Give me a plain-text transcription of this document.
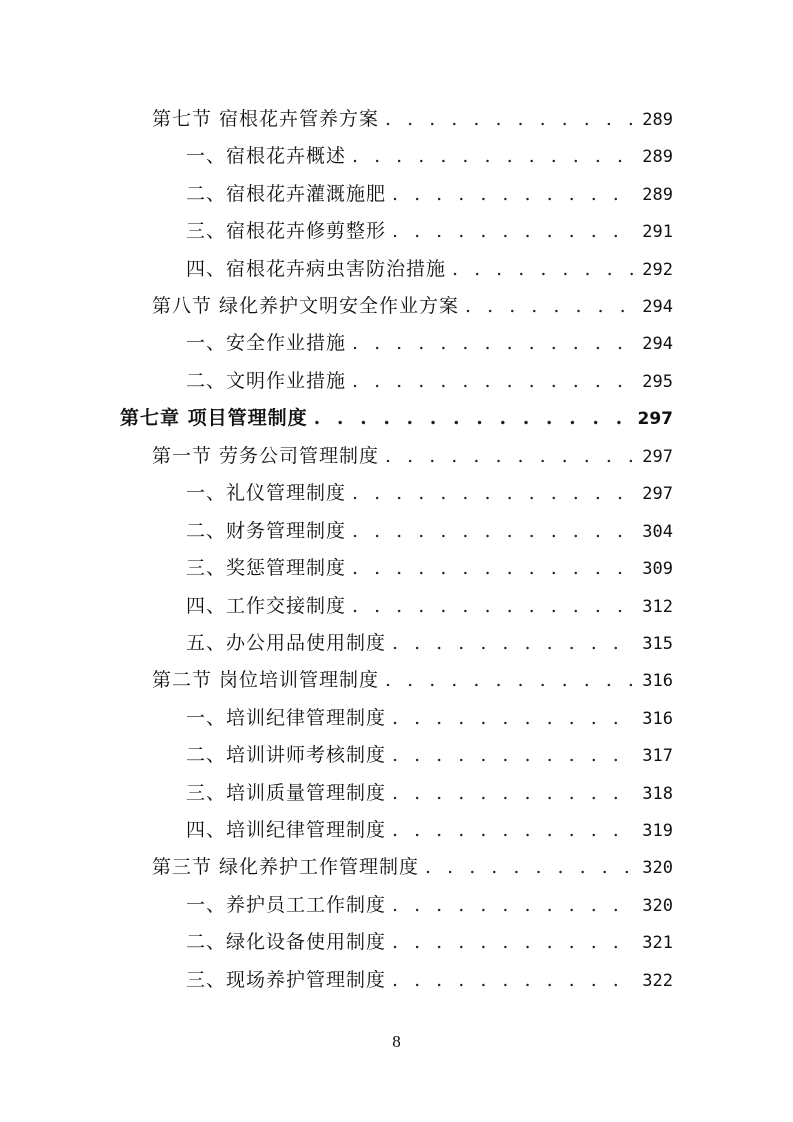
第七节 宿根花卉管养方案 . . .	289
一、宿根花卉概述 . . .	289
二、宿根花卉灌溉施肥 . . .	289
三、宿根花卉修剪整形 . . .	291
四、宿根花卉病虫害防治措施 . . .	292
第八节 绿化养护文明安全作业方案 . . .	294
一、安全作业措施 . . .	294
二、文明作业措施 . . .	295
第七章 项目管理制度 . . .	297
第一节 劳务公司管理制度 . . .	297
一、礼仪管理制度 . . .	297
二、财务管理制度 . . .	304
三、奖惩管理制度 . . .	309
四、工作交接制度 . . .	312
五、办公用品使用制度 . . .	315
第二节 岗位培训管理制度 . . .	316
一、培训纪律管理制度 . . .	316
二、培训讲师考核制度 . . .	317
三、培训质量管理制度 . . .	318
四、培训纪律管理制度 . . .	319
第三节 绿化养护工作管理制度 . . .	320
一、养护员工工作制度 . . .	320
二、绿化设备使用制度 . . .	321
三、现场养护管理制度 . . .	322
8
